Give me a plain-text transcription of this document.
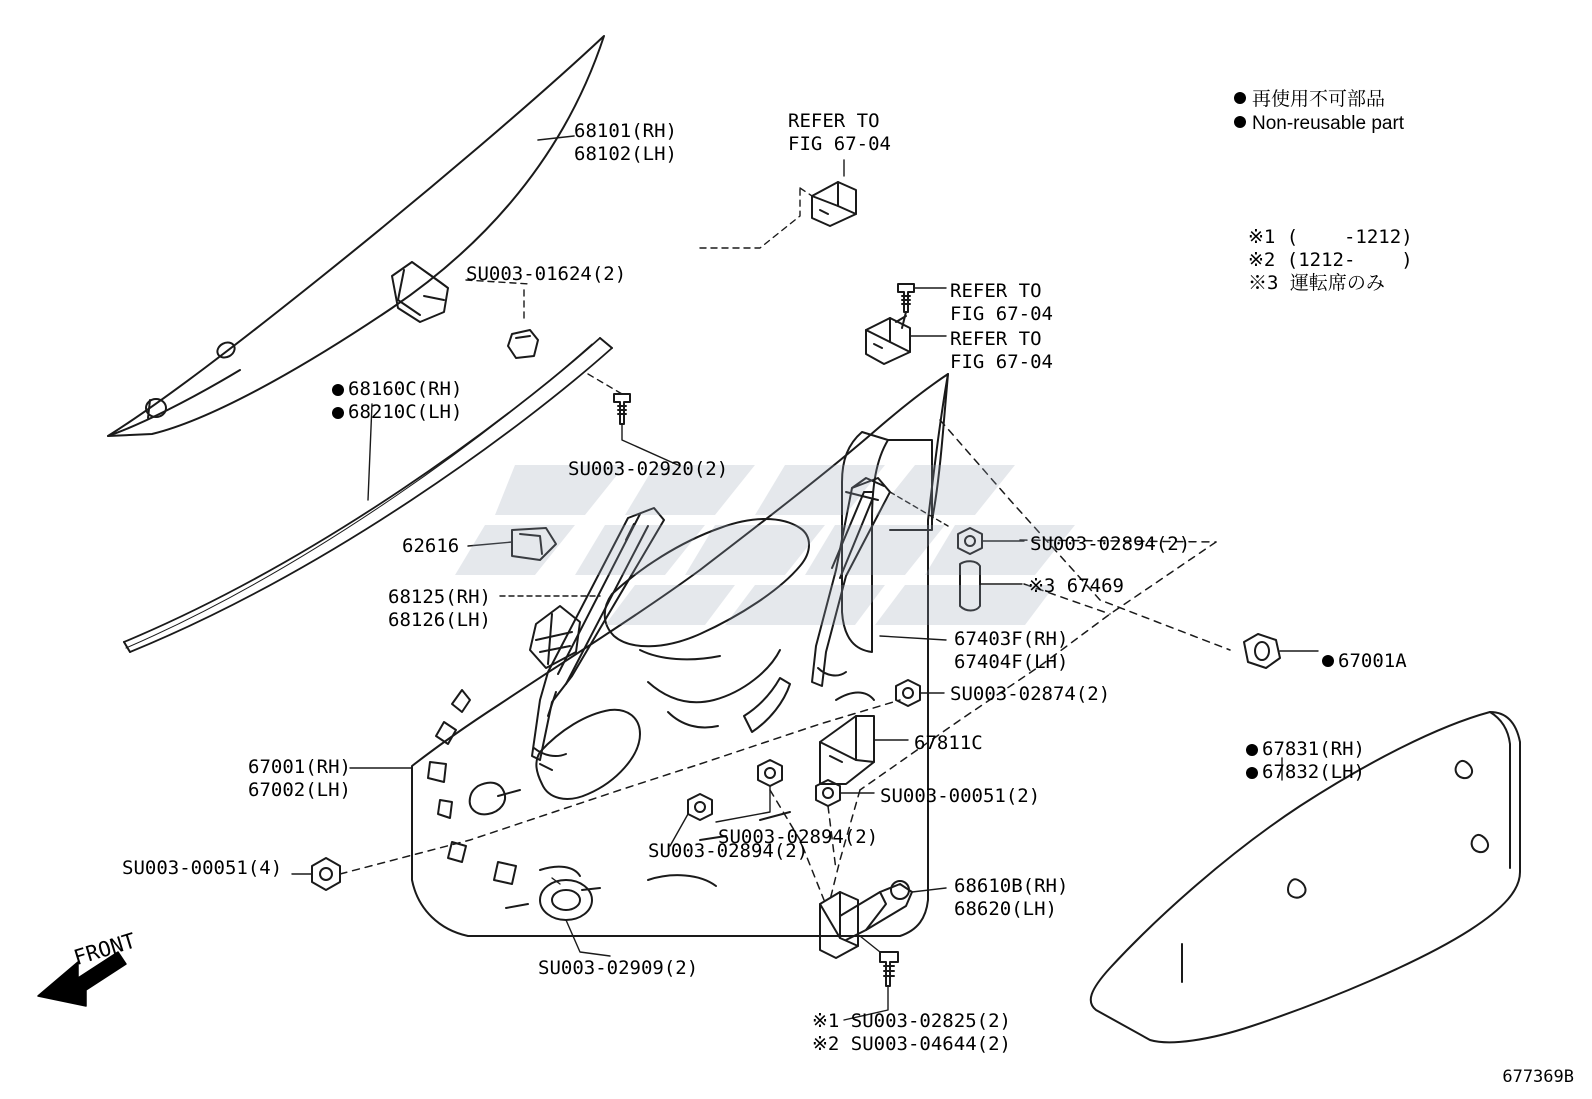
68101(RH)
68102(LH)
REFER TO
FIG 67-04
SU003-01624(2)
REFER TO
FIG 67-04
REFER TO
FIG 67-04
68160C(RH)
68210C(LH)
SU003-02920(2)
62616
68125(RH)
68126(LH)
SU003-02894(2)
※3 67469
67403F(RH)
67404F(LH)	67001A
SU003-02874(2)
67831(RH)
67832(LH)
67811C
67001(RH)
67002(LH)	SU003-00051(2)
SU003-02894(2)
SU003-02894(2)
SU003-00051(4)
68610B(RH)
68620(LH)
SU003-02909(2)
※1 SU003-02825(2)
※2 SU003-04644(2)
再使用不可部品
Non-reusable part
※1 (    -1212)
※2 (1212-    )
※3 運転席のみ
FRONT
677369B
